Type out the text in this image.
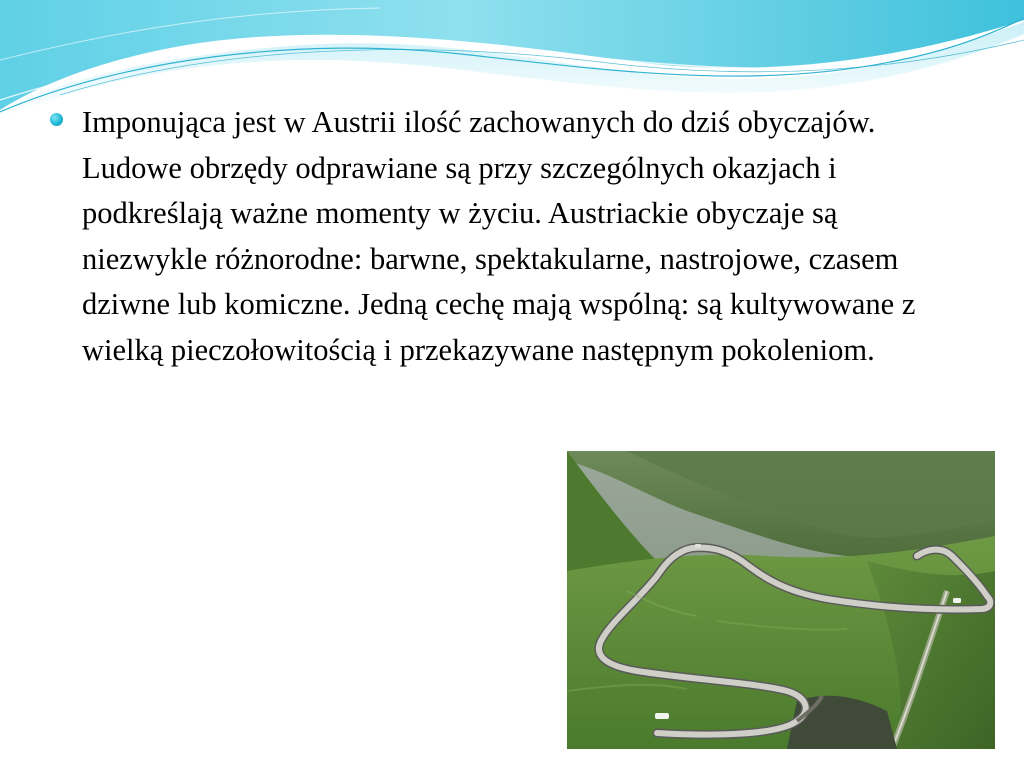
Imponująca jest w Austrii ilość zachowanych do dziś obyczajów. Ludowe obrzędy odprawiane są przy szczególnych okazjach i podkreślają ważne momenty w życiu. Austriackie obyczaje są niezwykle różnorodne: barwne, spektakularne, nastrojowe, czasem dziwne lub komiczne. Jedną cechę mają wspólną: są kultywowane z wielką pieczołowitością i przekazywane następnym pokoleniom.
